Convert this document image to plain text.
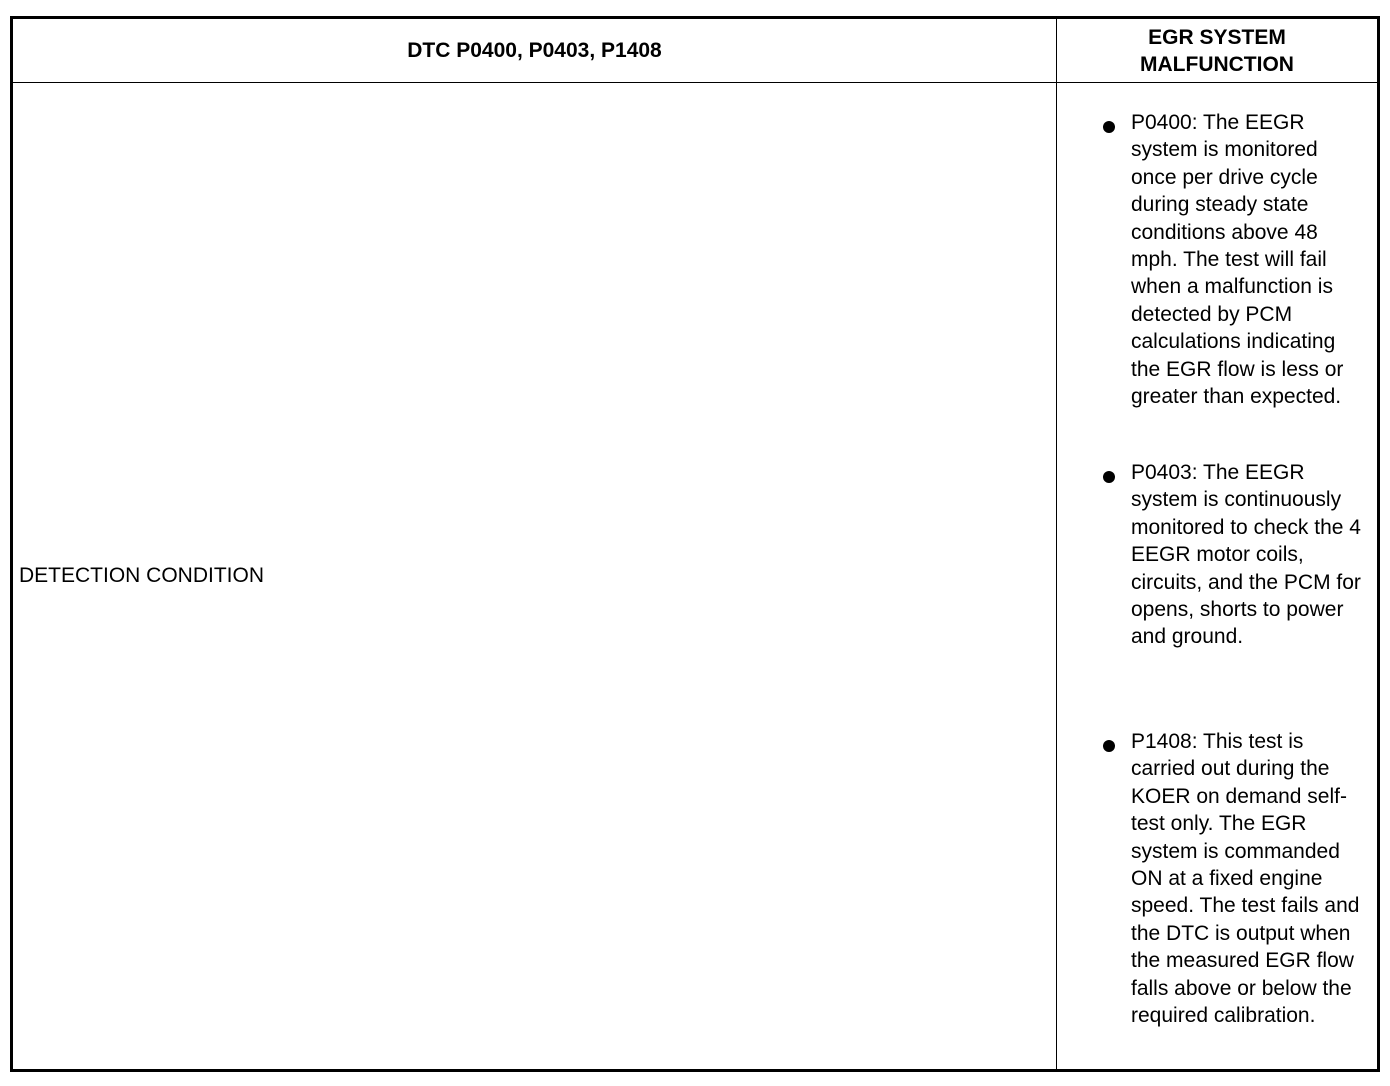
DTC P0400, P0403, P1408
EGR SYSTEM
MALFUNCTION
DETECTION CONDITION
P0400: The EEGR system is monitored once per drive cycle during steady state conditions above 48 mph. The test will fail when a malfunction is detected by PCM calculations indicating the EGR flow is less or greater than expected.
P0403: The EEGR system is continuously monitored to check the 4 EEGR motor coils, circuits, and the PCM for opens, shorts to power and ground.
P1408: This test is carried out during the KOER on demand self-test only. The EGR system is commanded ON at a fixed engine speed. The test fails and the DTC is output when the measured EGR flow falls above or below the required calibration.
